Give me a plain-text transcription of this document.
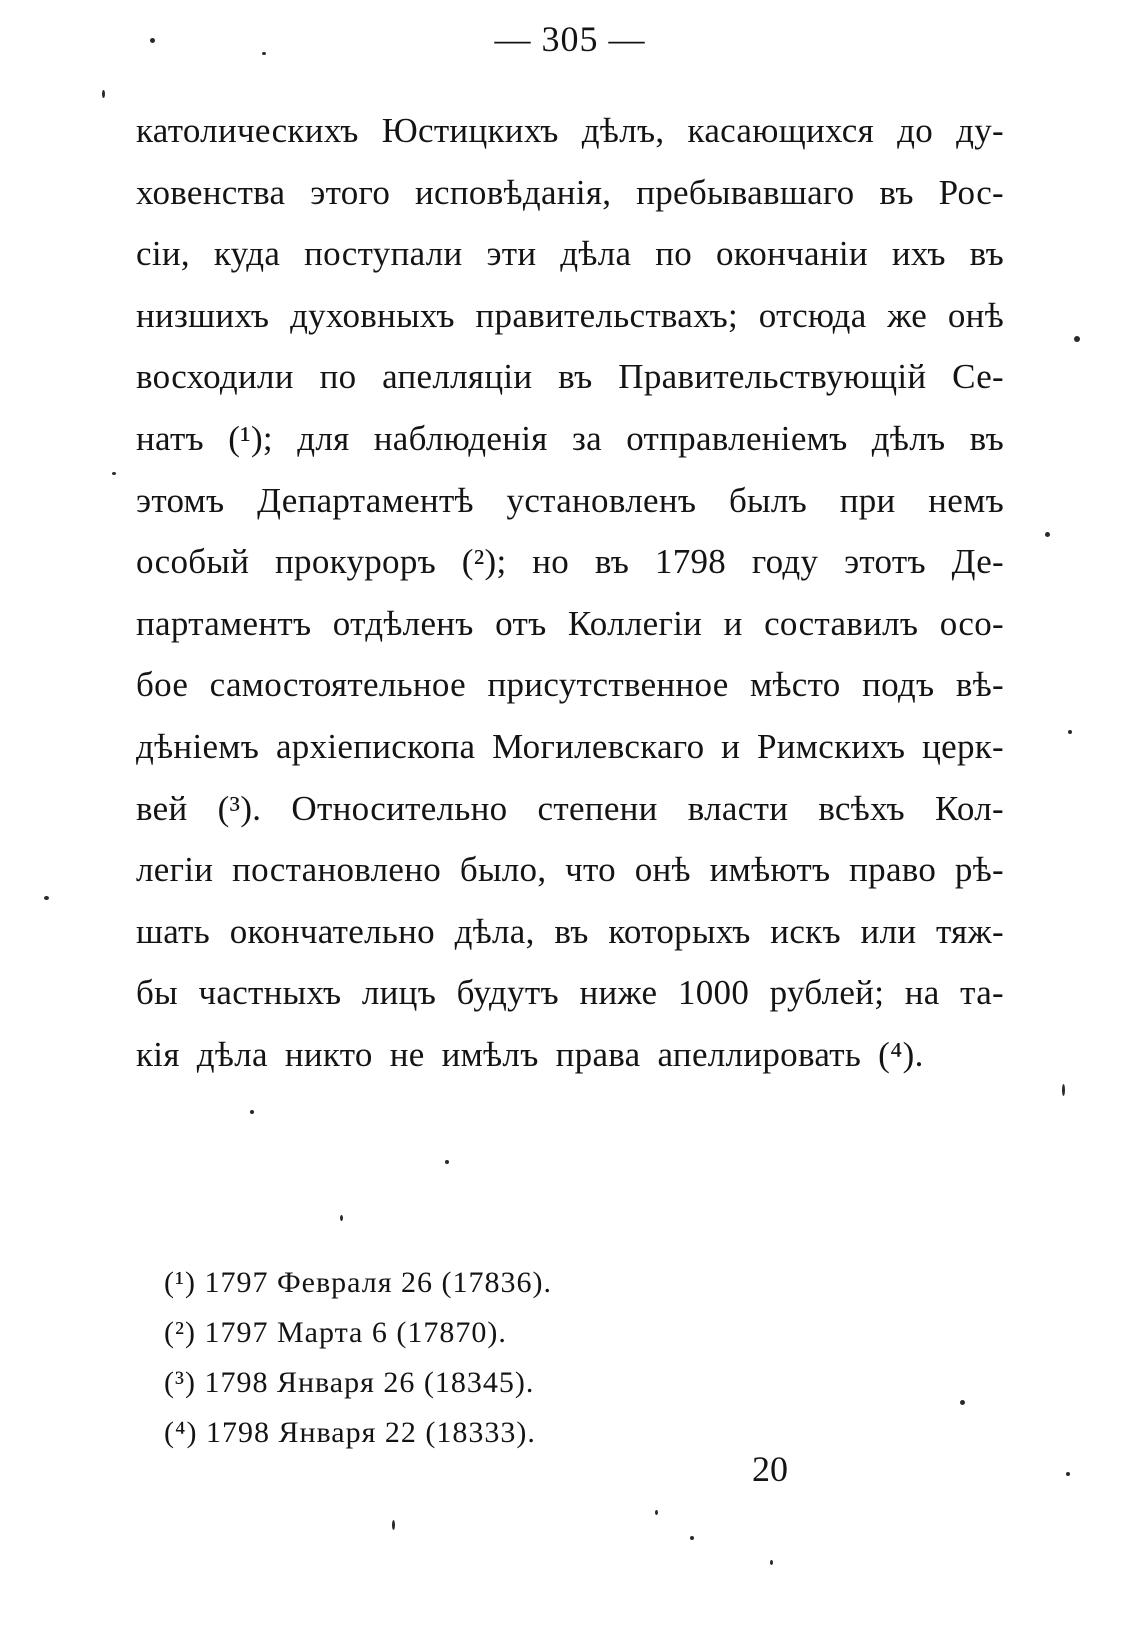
— 305 —
католическихъ Юстицкихъ дѣлъ, касающихся до ду-
ховенства этого исповѣданія, пребывавшаго въ Рос-
сіи, куда поступали эти дѣла по окончаніи ихъ въ
низшихъ духовныхъ правительствахъ; отсюда же онѣ
восходили по апелляціи въ Правительствующій Се-
натъ (¹); для наблюденія за отправленіемъ дѣлъ въ
этомъ Департаментѣ установленъ былъ при немъ
особый прокуроръ (²); но въ 1798 году этотъ Де-
партаментъ отдѣленъ отъ Коллегіи и составилъ осо-
бое самостоятельное присутственное мѣсто подъ вѣ-
дѣніемъ архіепископа Могилевскаго и Римскихъ церк-
вей (³). Относительно степени власти всѣхъ Кол-
легіи постановлено было, что онѣ имѣютъ право рѣ-
шать окончательно дѣла, въ которыхъ искъ или тяж-
бы частныхъ лицъ будутъ ниже 1000 рублей; на та-
кія дѣла никто не имѣлъ права апеллировать (⁴).
(¹) 1797 Февраля 26 (17836).
(²) 1797 Марта 6 (17870).
(³) 1798 Января 26 (18345).
(⁴) 1798 Января 22 (18333).
20
